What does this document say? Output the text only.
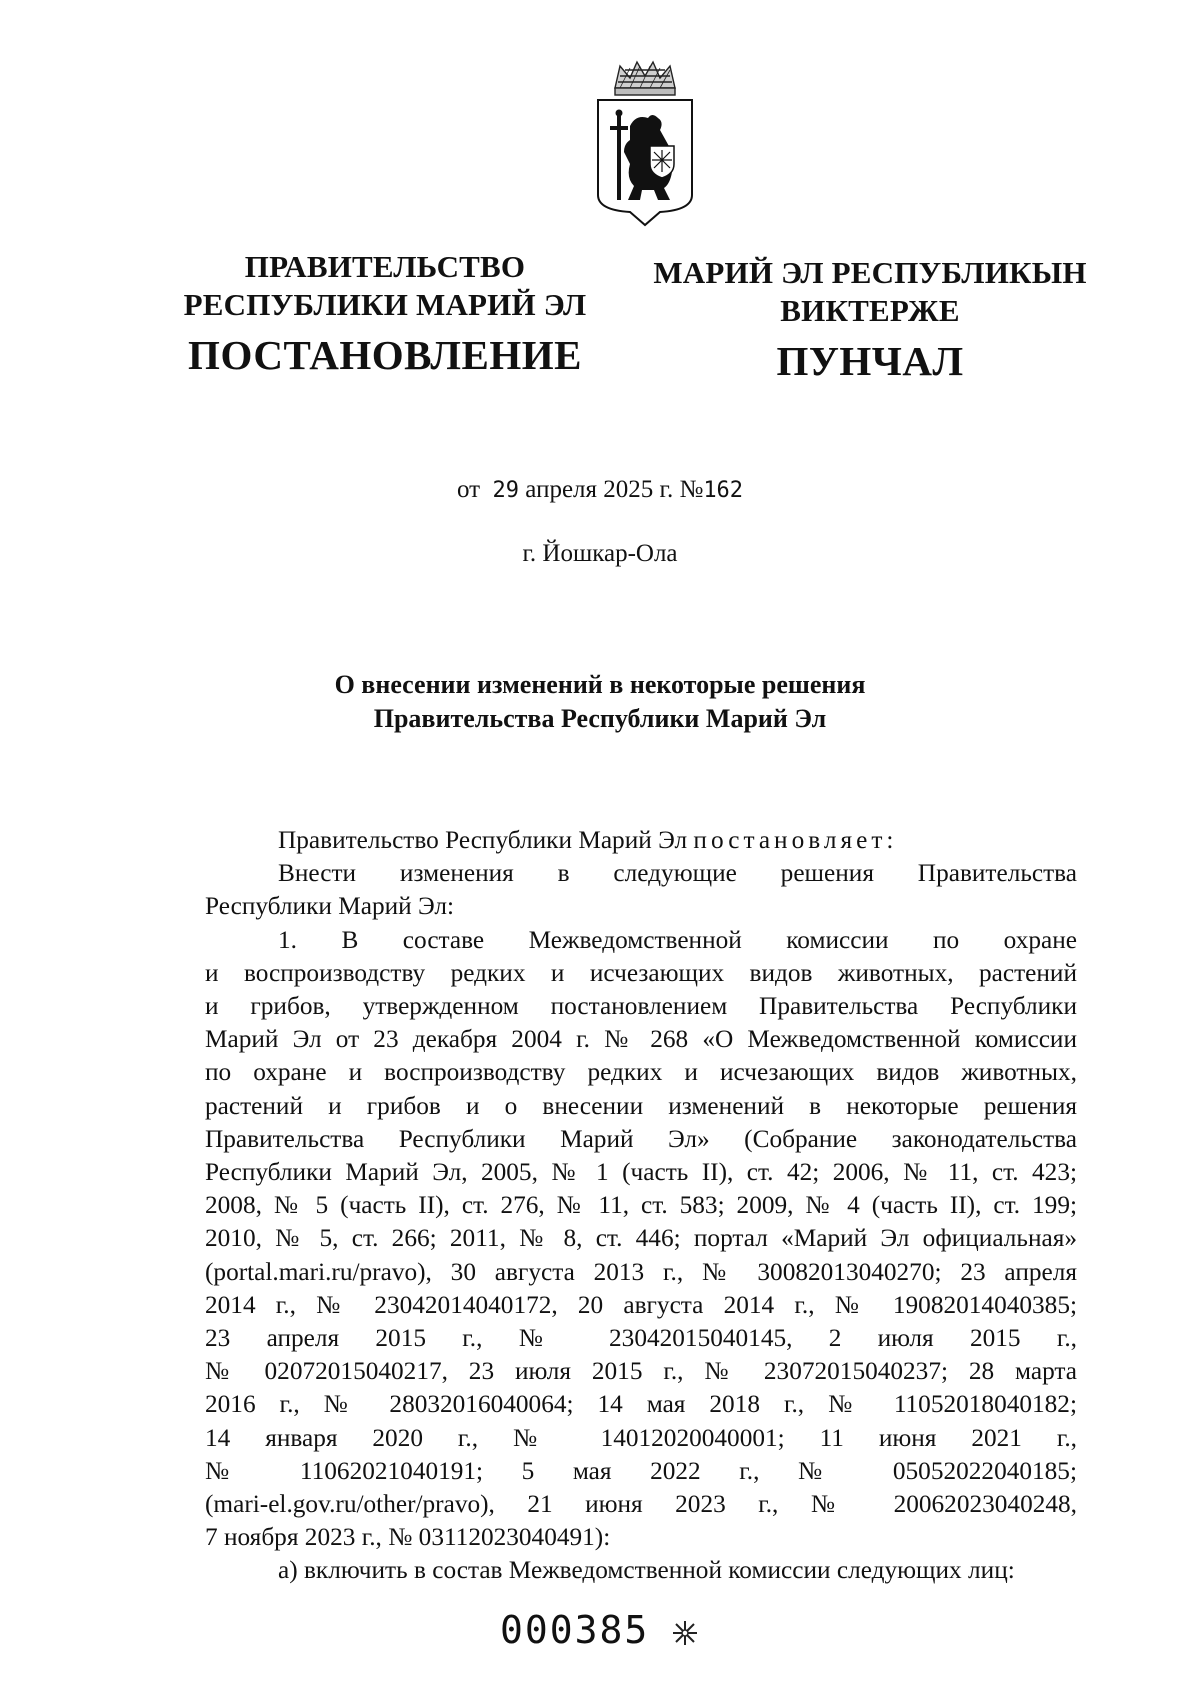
ПРАВИТЕЛЬСТВО
РЕСПУБЛИКИ МАРИЙ ЭЛ
ПОСТАНОВЛЕНИЕ
МАРИЙ ЭЛ РЕСПУБЛИКЫН
ВИКТЕРЖЕ
ПУНЧАЛ
от 29 апреля 2025 г. №162
г. Йошкар-Ола
О внесении изменений в некоторые решения
Правительства Республики Марий Эл
Правительство Республики Марий Эл постановляет:
Внести изменения в следующие решения Правительства
Республики Марий Эл:
1. В составе Межведомственной комиссии по охране
и воспроизводству редких и исчезающих видов животных, растений
и грибов, утвержденном постановлением Правительства Республики
Марий Эл от 23 декабря 2004 г. № 268 «О Межведомственной комиссии
по охране и воспроизводству редких и исчезающих видов животных,
растений и грибов и о внесении изменений в некоторые решения
Правительства Республики Марий Эл» (Собрание законодательства
Республики Марий Эл, 2005, № 1 (часть II), ст. 42; 2006, № 11, ст. 423;
2008, № 5 (часть II), ст. 276, № 11, ст. 583; 2009, № 4 (часть II), ст. 199;
2010, № 5, ст. 266; 2011, № 8, ст. 446; портал «Марий Эл официальная»
(portal.mari.ru/pravo), 30 августа 2013 г., № 30082013040270; 23 апреля
2014 г., № 23042014040172, 20 августа 2014 г., № 19082014040385;
23 апреля 2015 г., № 23042015040145, 2 июля 2015 г.,
№ 02072015040217, 23 июля 2015 г., № 23072015040237; 28 марта
2016 г., № 28032016040064; 14 мая 2018 г., № 11052018040182;
14 января 2020 г., № 14012020040001; 11 июня 2021 г.,
№ 11062021040191; 5 мая 2022 г., № 05052022040185;
(mari-el.gov.ru/other/pravo), 21 июня 2023 г., № 20062023040248,
7 ноября 2023 г., № 03112023040491):
а) включить в состав Межведомственной комиссии следующих лиц:
000385
